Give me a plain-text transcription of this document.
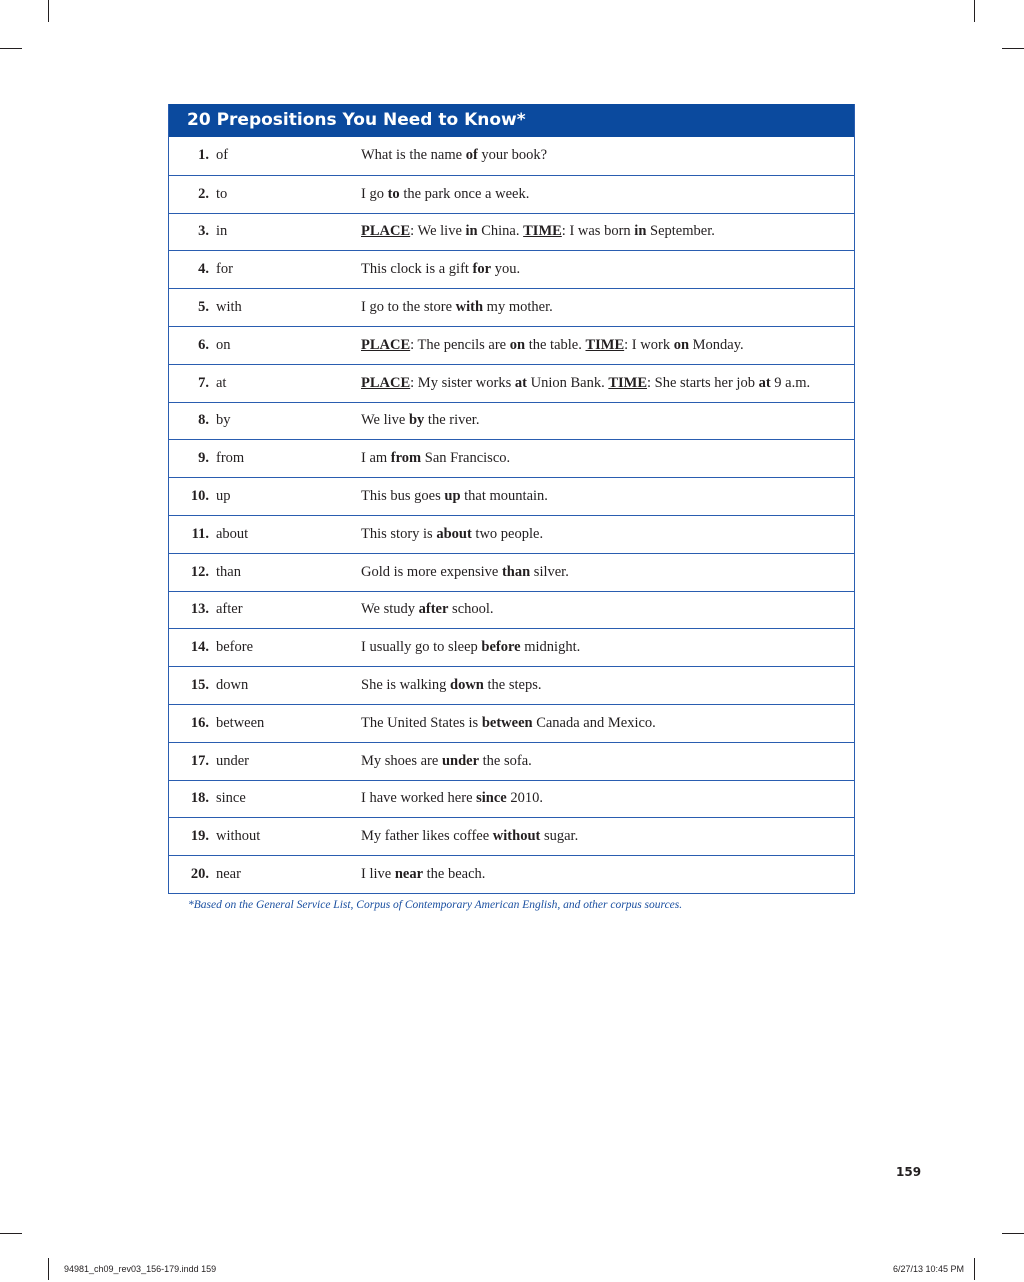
20 Prepositions You Need to Know*
1. of	What is the name of your book?
2. to	I go to the park once a week.
3. in	PLACE: We live in China. TIME: I was born in September.
4. for	This clock is a gift for you.
5. with	I go to the store with my mother.
6. on	PLACE: The pencils are on the table. TIME: I work on Monday.
7. at	PLACE: My sister works at Union Bank. TIME: She starts her job at 9 a.m.
8. by	We live by the river.
9. from	I am from San Francisco.
10. up	This bus goes up that mountain.
11. about	This story is about two people.
12. than	Gold is more expensive than silver.
13. after	We study after school.
14. before	I usually go to sleep before midnight.
15. down	She is walking down the steps.
16. between	The United States is between Canada and Mexico.
17. under	My shoes are under the sofa.
18. since	I have worked here since 2010.
19. without	My father likes coffee without sugar.
20. near	I live near the beach.
*Based on the General Service List, Corpus of Contemporary American English, and other corpus sources.
159
94981_ch09_rev03_156-179.indd 159	6/27/13 10:45 PM
